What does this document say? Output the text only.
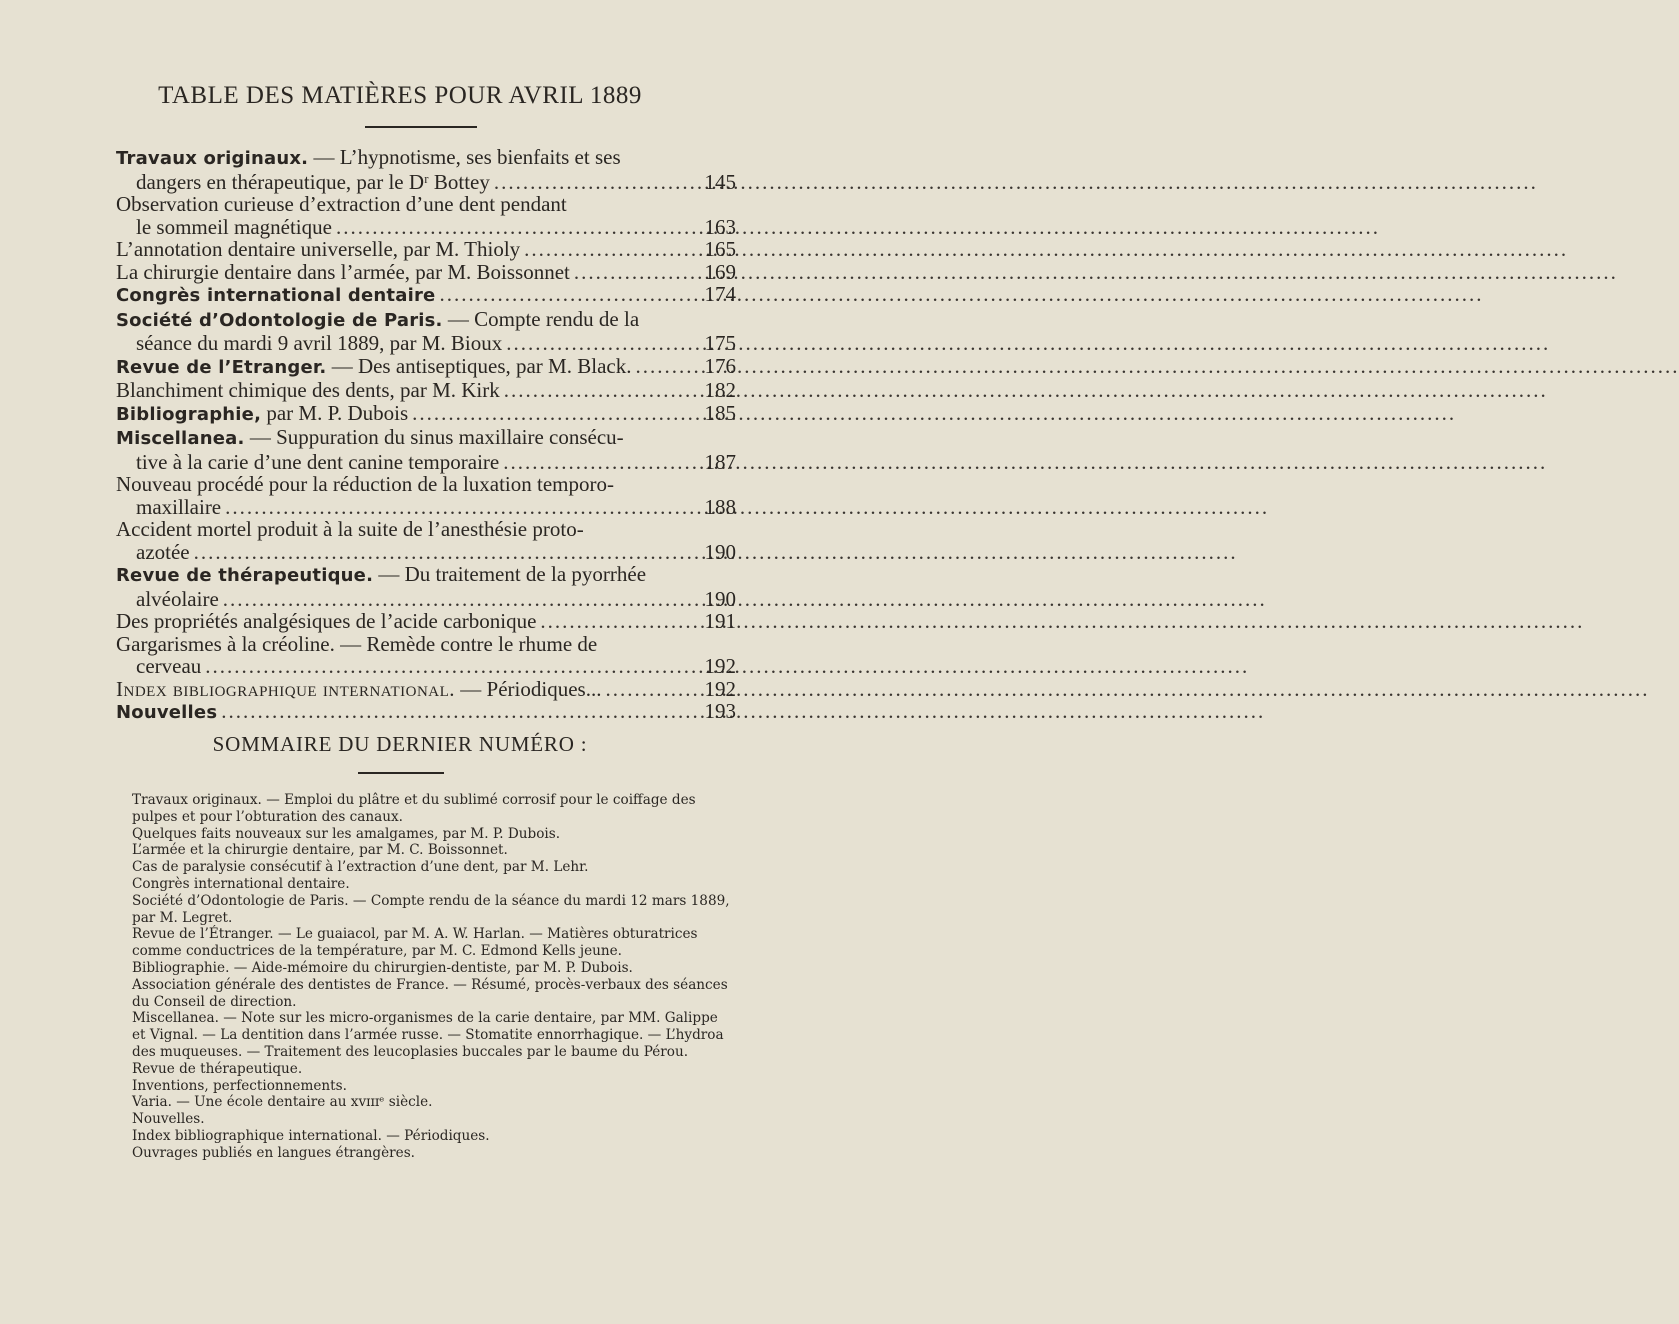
TABLE DES MATIÈRES POUR AVRIL 1889
Travaux originaux. — L’hypnotisme, ses bienfaits et ses
dangers en thérapeutique, par le Dʳ Bottey .....	145
Observation curieuse d’extraction d’une dent pendant
le sommeil magnétique .....	163
L’annotation dentaire universelle, par M. Thioly .....	165
La chirurgie dentaire dans l’armée, par M. Boissonnet .....	169
Congrès international dentaire .....	174
Société d’Odontologie de Paris. — Compte rendu de la
séance du mardi 9 avril 1889, par M. Bioux .....	175
Revue de l’Etranger. — Des antiseptiques, par M. Black. .....	176
Blanchiment chimique des dents, par M. Kirk .....	182
Bibliographie, par M. P. Dubois .....	185
Miscellanea. — Suppuration du sinus maxillaire consécu-
tive à la carie d’une dent canine temporaire .....	187
Nouveau procédé pour la réduction de la luxation temporo-
maxillaire .....	188
Accident mortel produit à la suite de l’anesthésie proto-
azotée .....	190
Revue de thérapeutique. — Du traitement de la pyorrhée
alvéolaire .....	190
Des propriétés analgésiques de l’acide carbonique .....	191
Gargarismes à la créoline. — Remède contre le rhume de
cerveau .....	192
Index bibliographique international. — Périodiques... .....	192
Nouvelles .....	193
SOMMAIRE DU DERNIER NUMÉRO :

Travaux originaux. — Emploi du plâtre et du sublimé corrosif pour le coiffage des pulpes et pour l’obturation des canaux.

Quelques faits nouveaux sur les amalgames, par M. P. Dubois.

L’armée et la chirurgie dentaire, par M. C. Boissonnet.

Cas de paralysie consécutif à l’extraction d’une dent, par M. Lehr.

Congrès international dentaire.

Société d’Odontologie de Paris. — Compte rendu de la séance du mardi 12 mars 1889, par M. Legret.

Revue de l’Étranger. — Le guaiacol, par M. A. W. Harlan. — Matières obturatrices comme conductrices de la température, par M. C. Edmond Kells jeune.

Bibliographie. — Aide-mémoire du chirurgien-dentiste, par M. P. Dubois.

Association générale des dentistes de France. — Résumé, procès-verbaux des séances du Conseil de direction.

Miscellanea. — Note sur les micro-organismes de la carie dentaire, par MM. Galippe et Vignal. — La dentition dans l’armée russe. — Stomatite ennorrhagique. — L’hydroa des muqueuses. — Traitement des leucoplasies buccales par le baume du Pérou.

Revue de thérapeutique.

Inventions, perfectionnements.

Varia. — Une école dentaire au xvɪɪɪᵉ siècle.

Nouvelles.

Index bibliographique international. — Périodiques.

Ouvrages publiés en langues étrangères.
